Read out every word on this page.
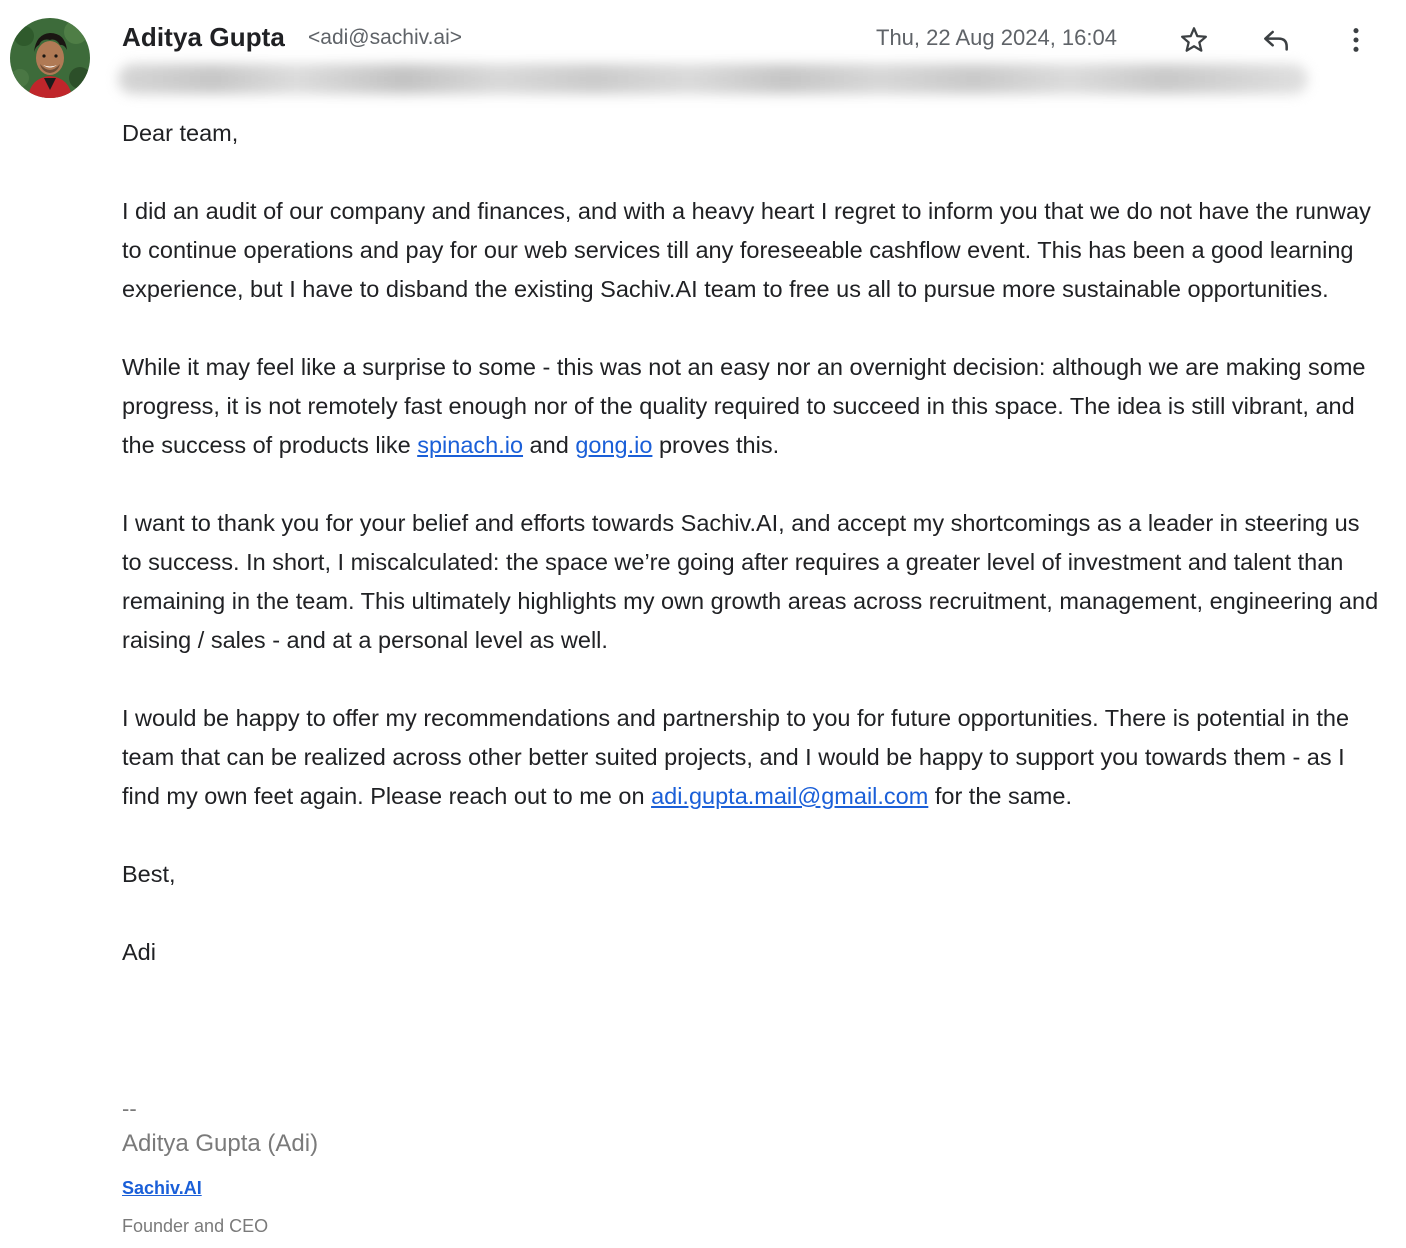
Aditya Gupta <adi@sachiv.ai>	Thu, 22 Aug 2024, 16:04

Dear team,

I did an audit of our company and finances, and with a heavy heart I regret to inform you that we do not have the runway to continue operations and pay for our web services till any foreseeable cashflow event. This has been a good learning experience, but I have to disband the existing Sachiv.AI team to free us all to pursue more sustainable opportunities.

While it may feel like a surprise to some - this was not an easy nor an overnight decision: although we are making some progress, it is not remotely fast enough nor of the quality required to succeed in this space. The idea is still vibrant, and the success of products like spinach.io and gong.io proves this.

I want to thank you for your belief and efforts towards Sachiv.AI, and accept my shortcomings as a leader in steering us to success. In short, I miscalculated: the space we’re going after requires a greater level of investment and talent than remaining in the team. This ultimately highlights my own growth areas across recruitment, management, engineering and raising / sales - and at a personal level as well.

I would be happy to offer my recommendations and partnership to you for future opportunities. There is potential in the team that can be realized across other better suited projects, and I would be happy to support you towards them - as I find my own feet again. Please reach out to me on adi.gupta.mail@gmail.com for the same.

Best,

Adi

--
Aditya Gupta (Adi)
Sachiv.AI
Founder and CEO
